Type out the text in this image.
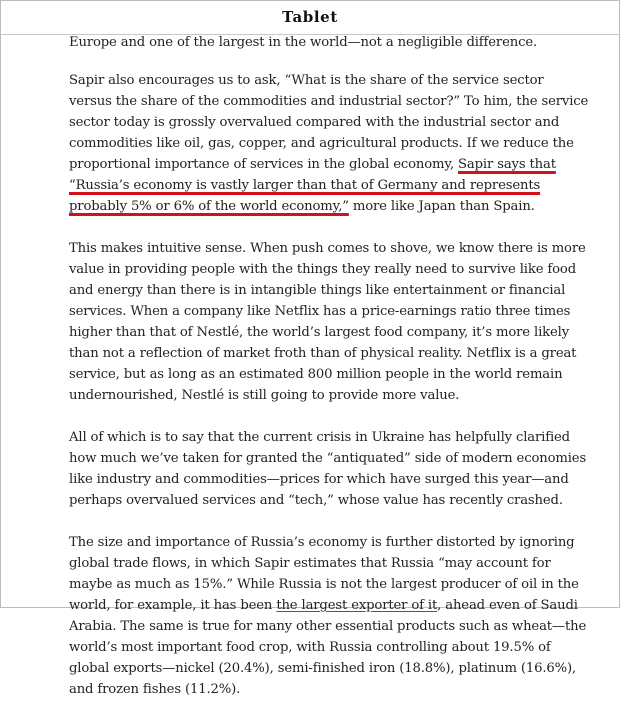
Tablet

Europe and one of the largest in the world—not a negligible difference.

Sapir also encourages us to ask, “What is the share of the service sector versus the share of the commodities and industrial sector?” To him, the service sector today is grossly overvalued compared with the industrial sector and commodities like oil, gas, copper, and agricultural products. If we reduce the proportional importance of services in the global economy, Sapir says that “Russia’s economy is vastly larger than that of Germany and represents probably 5% or 6% of the world economy,” more like Japan than Spain.

This makes intuitive sense. When push comes to shove, we know there is more value in providing people with the things they really need to survive like food and energy than there is in intangible things like entertainment or financial services. When a company like Netflix has a price-earnings ratio three times higher than that of Nestlé, the world’s largest food company, it’s more likely than not a reflection of market froth than of physical reality. Netflix is a great service, but as long as an estimated 800 million people in the world remain undernourished, Nestlé is still going to provide more value.

All of which is to say that the current crisis in Ukraine has helpfully clarified how much we’ve taken for granted the “antiquated” side of modern economies like industry and commodities—prices for which have surged this year—and perhaps overvalued services and “tech,” whose value has recently crashed.

The size and importance of Russia’s economy is further distorted by ignoring global trade flows, in which Sapir estimates that Russia “may account for maybe as much as 15%.” While Russia is not the largest producer of oil in the world, for example, it has been the largest exporter of it, ahead even of Saudi Arabia. The same is true for many other essential products such as wheat—the world’s most important food crop, with Russia controlling about 19.5% of global exports—nickel (20.4%), semi-finished iron (18.8%), platinum (16.6%), and frozen fishes (11.2%).
